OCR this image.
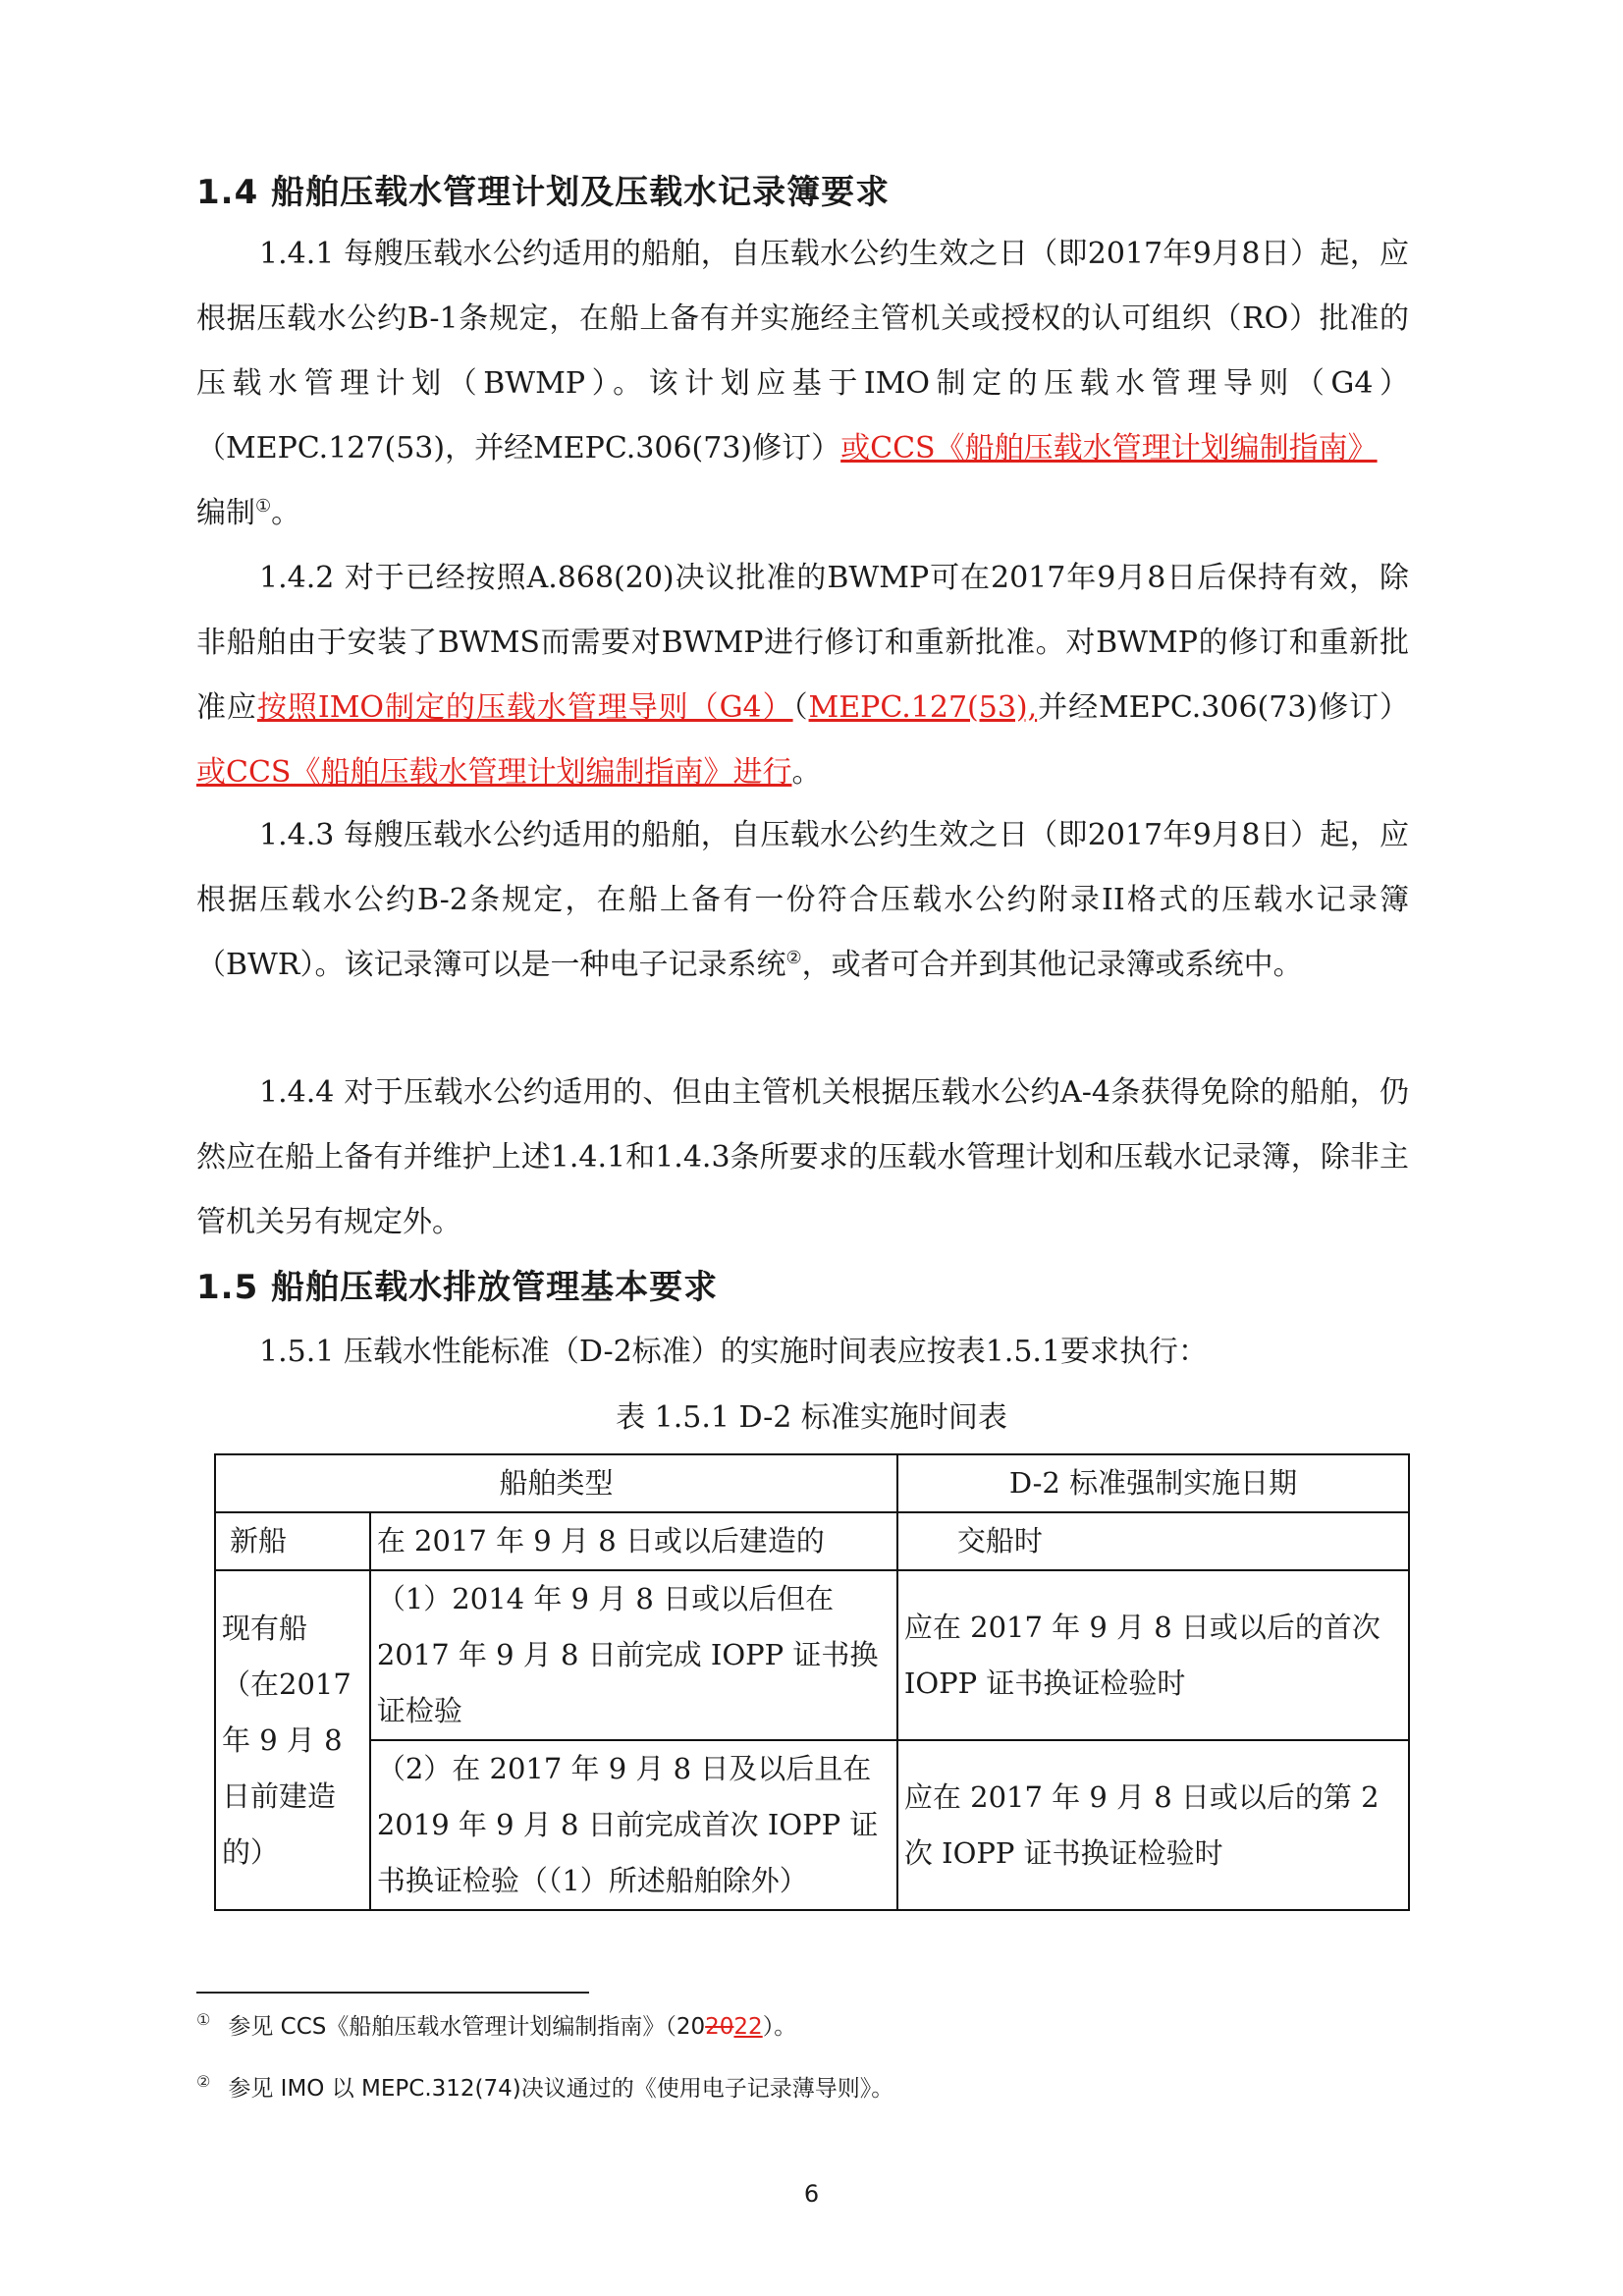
1.4 船舶压载水管理计划及压载水记录簿要求
1.4.1 每艘压载水公约适用的船舶，自压载水公约生效之日（即2017年9月8日）起，应根据压载水公约B-1条规定，在船上备有并实施经主管机关或授权的认可组织（RO）批准的压载水管理计划（BWMP）。该计划应基于IMO制定的压载水管理导则（G4）（MEPC.127(53)，并经MEPC.306(73)修订）或CCS《船舶压载水管理计划编制指南》
编制①。
1.4.2 对于已经按照A.868(20)决议批准的BWMP可在2017年9月8日后保持有效，除非船舶由于安装了BWMS而需要对BWMP进行修订和重新批准。对BWMP的修订和重新批准应按照IMO制定的压载水管理导则（G4）（MEPC.127(53),并经MEPC.306(73)修订）或CCS《船舶压载水管理计划编制指南》进行。
1.4.3 每艘压载水公约适用的船舶，自压载水公约生效之日（即2017年9月8日）起，应根据压载水公约B-2条规定，在船上备有一份符合压载水公约附录II格式的压载水记录簿（BWR）。该记录簿可以是一种电子记录系统②，或者可合并到其他记录簿或系统中。
1.4.4 对于压载水公约适用的、但由主管机关根据压载水公约A-4条获得免除的船舶，仍然应在船上备有并维护上述1.4.1和1.4.3条所要求的压载水管理计划和压载水记录簿，除非主管机关另有规定外。
1.5 船舶压载水排放管理基本要求
1.5.1 压载水性能标准（D-2标准）的实施时间表应按表1.5.1要求执行：
表 1.5.1 D-2 标准实施时间表
船舶类型		D-2 标准强制实施日期
新船	在 2017 年 9 月 8 日或以后建造的	交船时
现有船（在2017 年 9 月 8 日前建造的）	（1）2014 年 9 月 8 日或以后但在 2017 年 9 月 8 日前完成 IOPP 证书换证检验	应在 2017 年 9 月 8 日或以后的首次 IOPP 证书换证检验时
	（2）在 2017 年 9 月 8 日及以后且在 2019 年 9 月 8 日前完成首次 IOPP 证书换证检验（（1）所述船舶除外）	应在 2017 年 9 月 8 日或以后的第 2 次 IOPP 证书换证检验时
① 参见 CCS《船舶压载水管理计划编制指南》（202022）。
② 参见 IMO 以 MEPC.312(74)决议通过的《使用电子记录薄导则》。
6
